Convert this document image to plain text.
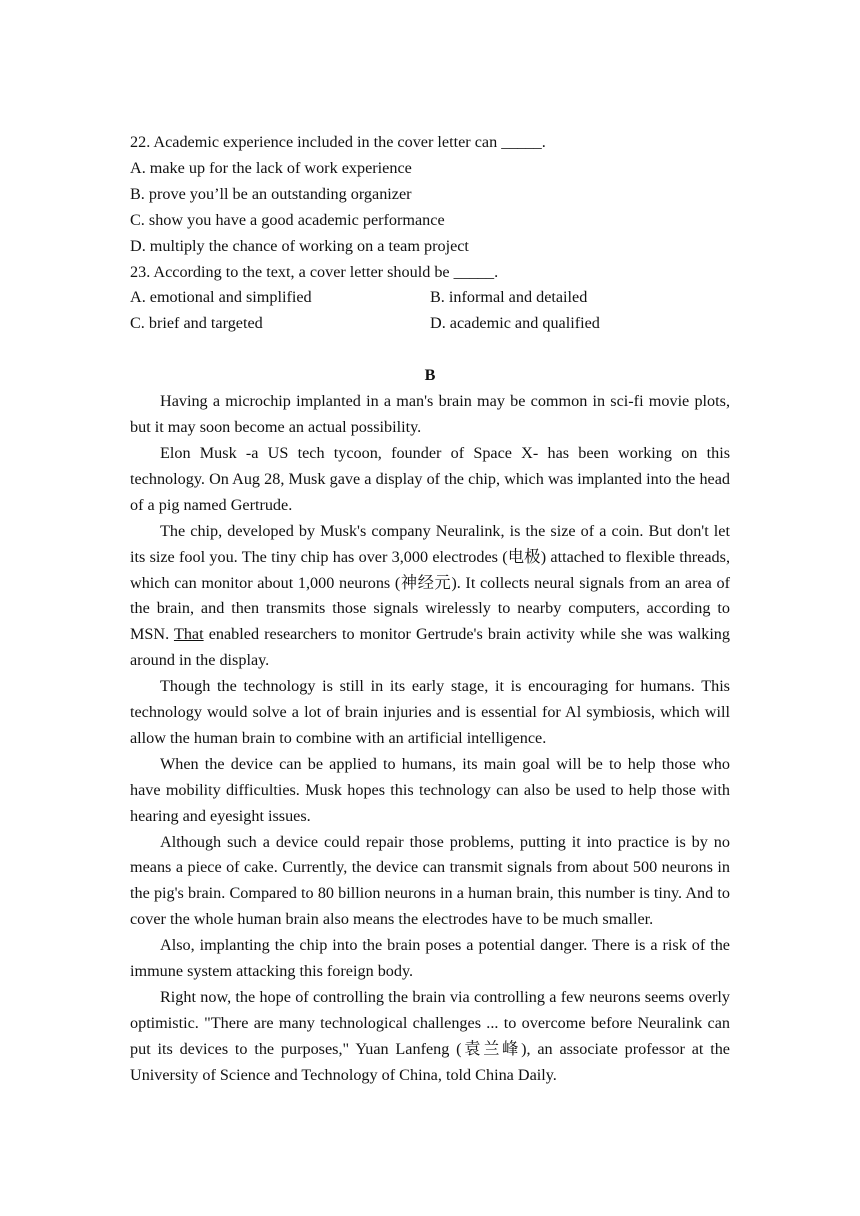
22. Academic experience included in the cover letter can _____.
A. make up for the lack of work experience
B. prove you’ll be an outstanding organizer
C. show you have a good academic performance
D. multiply the chance of working on a team project
23. According to the text, a cover letter should be _____.
A. emotional and simplified	B. informal and detailed
C. brief and targeted	D. academic and qualified
B
Having a microchip implanted in a man's brain may be common in sci-fi movie plots, but it may soon become an actual possibility.
Elon Musk -a US tech tycoon, founder of Space X- has been working on this technology. On Aug 28, Musk gave a display of the chip, which was implanted into the head of a pig named Gertrude.
The chip, developed by Musk's company Neuralink, is the size of a coin. But don't let its size fool you. The tiny chip has over 3,000 electrodes (电极) attached to flexible threads, which can monitor about 1,000 neurons (神经元). It collects neural signals from an area of the brain, and then transmits those signals wirelessly to nearby computers, according to MSN. That enabled researchers to monitor Gertrude's brain activity while she was walking around in the display.
Though the technology is still in its early stage, it is encouraging for humans. This technology would solve a lot of brain injuries and is essential for Al symbiosis, which will allow the human brain to combine with an artificial intelligence.
When the device can be applied to humans, its main goal will be to help those who have mobility difficulties. Musk hopes this technology can also be used to help those with hearing and eyesight issues.
Although such a device could repair those problems, putting it into practice is by no means a piece of cake. Currently, the device can transmit signals from about 500 neurons in the pig's brain. Compared to 80 billion neurons in a human brain, this number is tiny. And to cover the whole human brain also means the electrodes have to be much smaller.
Also, implanting the chip into the brain poses a potential danger. There is a risk of the immune system attacking this foreign body.
Right now, the hope of controlling the brain via controlling a few neurons seems overly optimistic. "There are many technological challenges ... to overcome before Neuralink can put its devices to the purposes," Yuan Lanfeng (袁兰峰), an associate professor at the University of Science and Technology of China, told China Daily.
